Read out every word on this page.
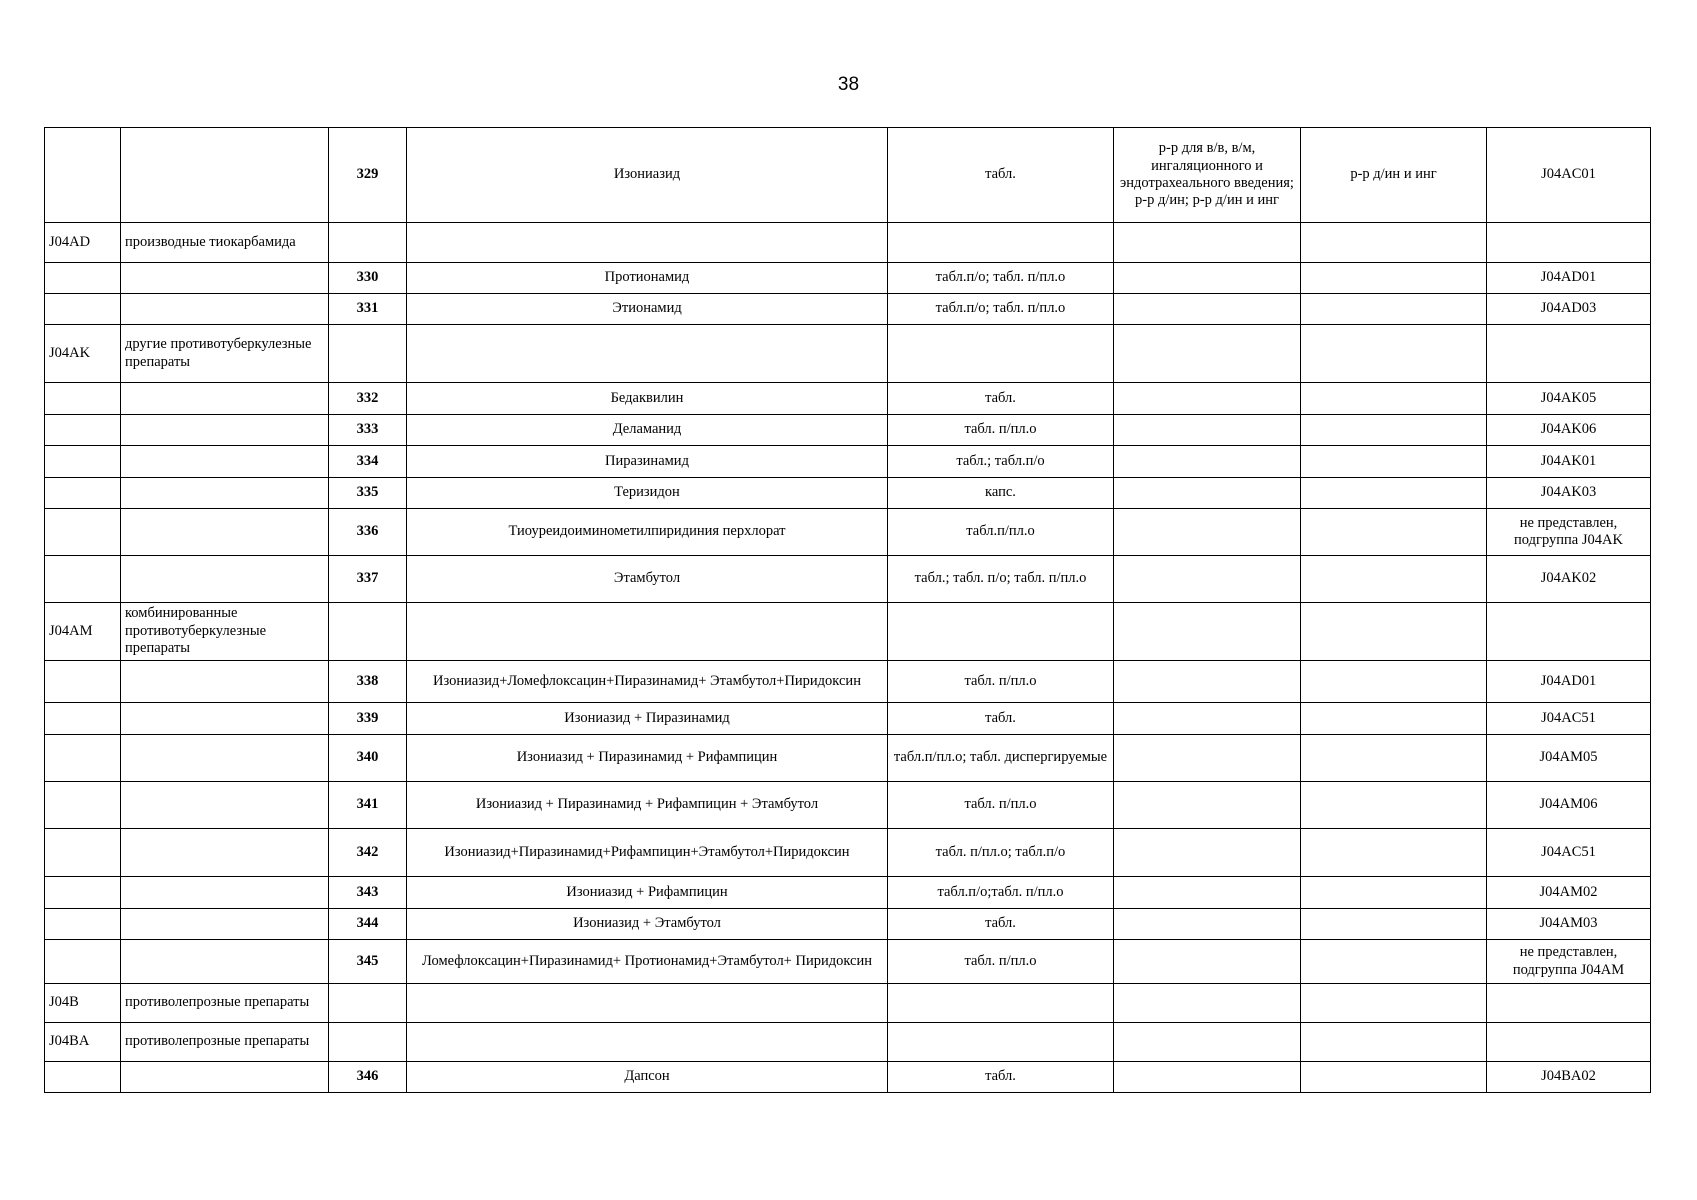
38
		329	Изониазид	табл.	р-р для в/в, в/м, ингаляционного и эндотрахеального введения; р-р д/ин; р-р д/ин и инг	р-р д/ин и инг	J04AC01
J04AD	производные тиокарбамида						
		330	Протионамид	табл.п/о; табл. п/пл.о			J04AD01
		331	Этионамид	табл.п/о; табл. п/пл.о			J04AD03
J04AK	другие противотуберкулезные препараты						
		332	Бедаквилин	табл.			J04AK05
		333	Деламанид	табл. п/пл.о			J04AK06
		334	Пиразинамид	табл.; табл.п/о			J04AK01
		335	Теризидон	капс.			J04AK03
		336	Тиоуреидоиминометилпиридиния перхлорат	табл.п/пл.о			не представлен, подгруппа J04AK
		337	Этамбутол	табл.; табл. п/о; табл. п/пл.о			J04AK02
J04AM	комбинированные противотуберкулезные препараты						
		338	Изониазид+Ломефлоксацин+Пиразинамид+ Этамбутол+Пиридоксин	табл. п/пл.о			J04AD01
		339	Изониазид + Пиразинамид	табл.			J04AC51
		340	Изониазид + Пиразинамид + Рифампицин	табл.п/пл.о; табл. диспергируемые			J04AM05
		341	Изониазид + Пиразинамид + Рифампицин + Этамбутол	табл. п/пл.о			J04AM06
		342	Изониазид+Пиразинамид+Рифампицин+Этамбутол+Пиридоксин	табл. п/пл.о; табл.п/о			J04AC51
		343	Изониазид + Рифампицин	табл.п/о;табл. п/пл.о			J04AM02
		344	Изониазид + Этамбутол	табл.			J04AM03
		345	Ломефлоксацин+Пиразинамид+ Протионамид+Этамбутол+ Пиридоксин	табл. п/пл.о			не представлен, подгруппа J04AM
J04B	противолепрозные препараты						
J04BA	противолепрозные препараты						
		346	Дапсон	табл.			J04BA02
